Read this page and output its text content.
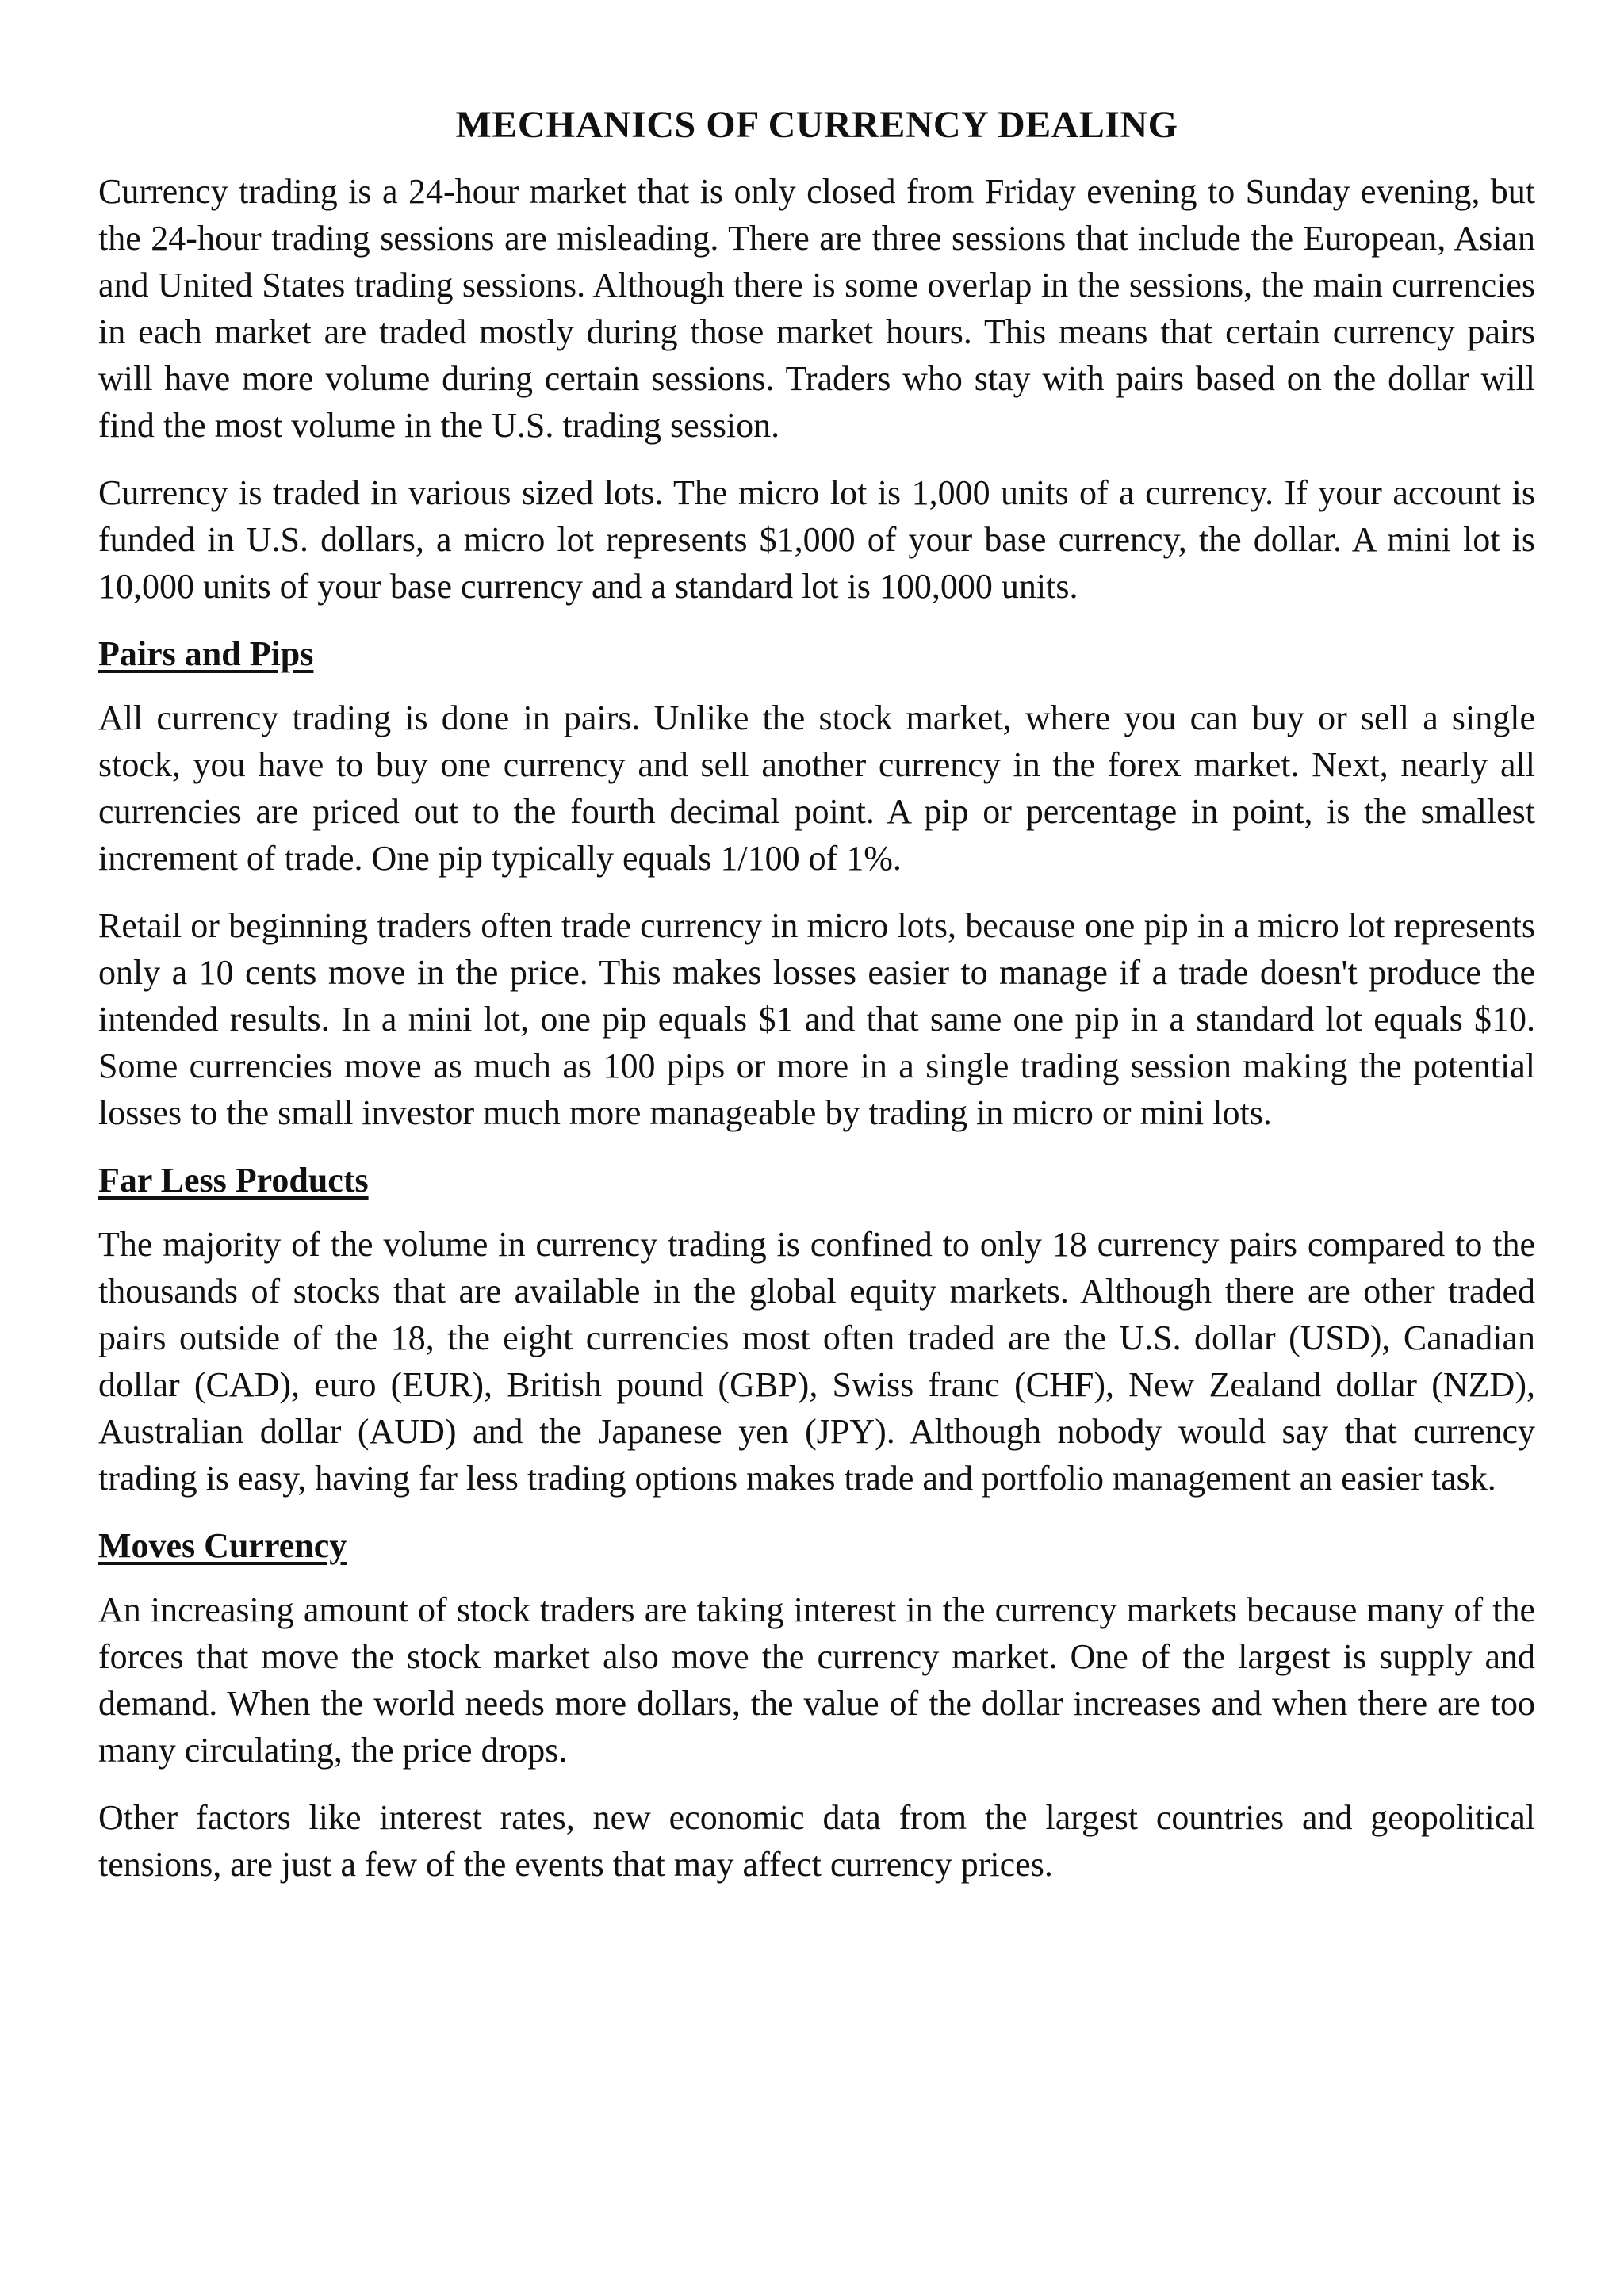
MECHANICS OF CURRENCY DEALING

Currency trading is a 24-hour market that is only closed from Friday evening to Sunday evening, but the 24-hour trading sessions are misleading. There are three sessions that include the European, Asian and United States trading sessions. Although there is some overlap in the sessions, the main currencies in each market are traded mostly during those market hours. This means that certain currency pairs will have more volume during certain sessions. Traders who stay with pairs based on the dollar will find the most volume in the U.S. trading session.

Currency is traded in various sized lots. The micro lot is 1,000 units of a currency. If your account is funded in U.S. dollars, a micro lot represents $1,000 of your base currency, the dollar. A mini lot is 10,000 units of your base currency and a standard lot is 100,000 units.

Pairs and Pips

All currency trading is done in pairs. Unlike the stock market, where you can buy or sell a single stock, you have to buy one currency and sell another currency in the forex market. Next, nearly all currencies are priced out to the fourth decimal point. A pip or percentage in point, is the smallest increment of trade. One pip typically equals 1/100 of 1%.

Retail or beginning traders often trade currency in micro lots, because one pip in a micro lot represents only a 10 cents move in the price. This makes losses easier to manage if a trade doesn't produce the intended results. In a mini lot, one pip equals $1 and that same one pip in a standard lot equals $10. Some currencies move as much as 100 pips or more in a single trading session making the potential losses to the small investor much more manageable by trading in micro or mini lots.

Far Less Products

The majority of the volume in currency trading is confined to only 18 currency pairs compared to the thousands of stocks that are available in the global equity markets. Although there are other traded pairs outside of the 18, the eight currencies most often traded are the U.S. dollar (USD), Canadian dollar (CAD), euro (EUR), British pound (GBP), Swiss franc (CHF), New Zealand dollar (NZD), Australian dollar (AUD) and the Japanese yen (JPY). Although nobody would say that currency trading is easy, having far less trading options makes trade and portfolio management an easier task.

Moves Currency

An increasing amount of stock traders are taking interest in the currency markets because many of the forces that move the stock market also move the currency market. One of the largest is supply and demand. When the world needs more dollars, the value of the dollar increases and when there are too many circulating, the price drops.

Other factors like interest rates, new economic data from the largest countries and geopolitical tensions, are just a few of the events that may affect currency prices.
